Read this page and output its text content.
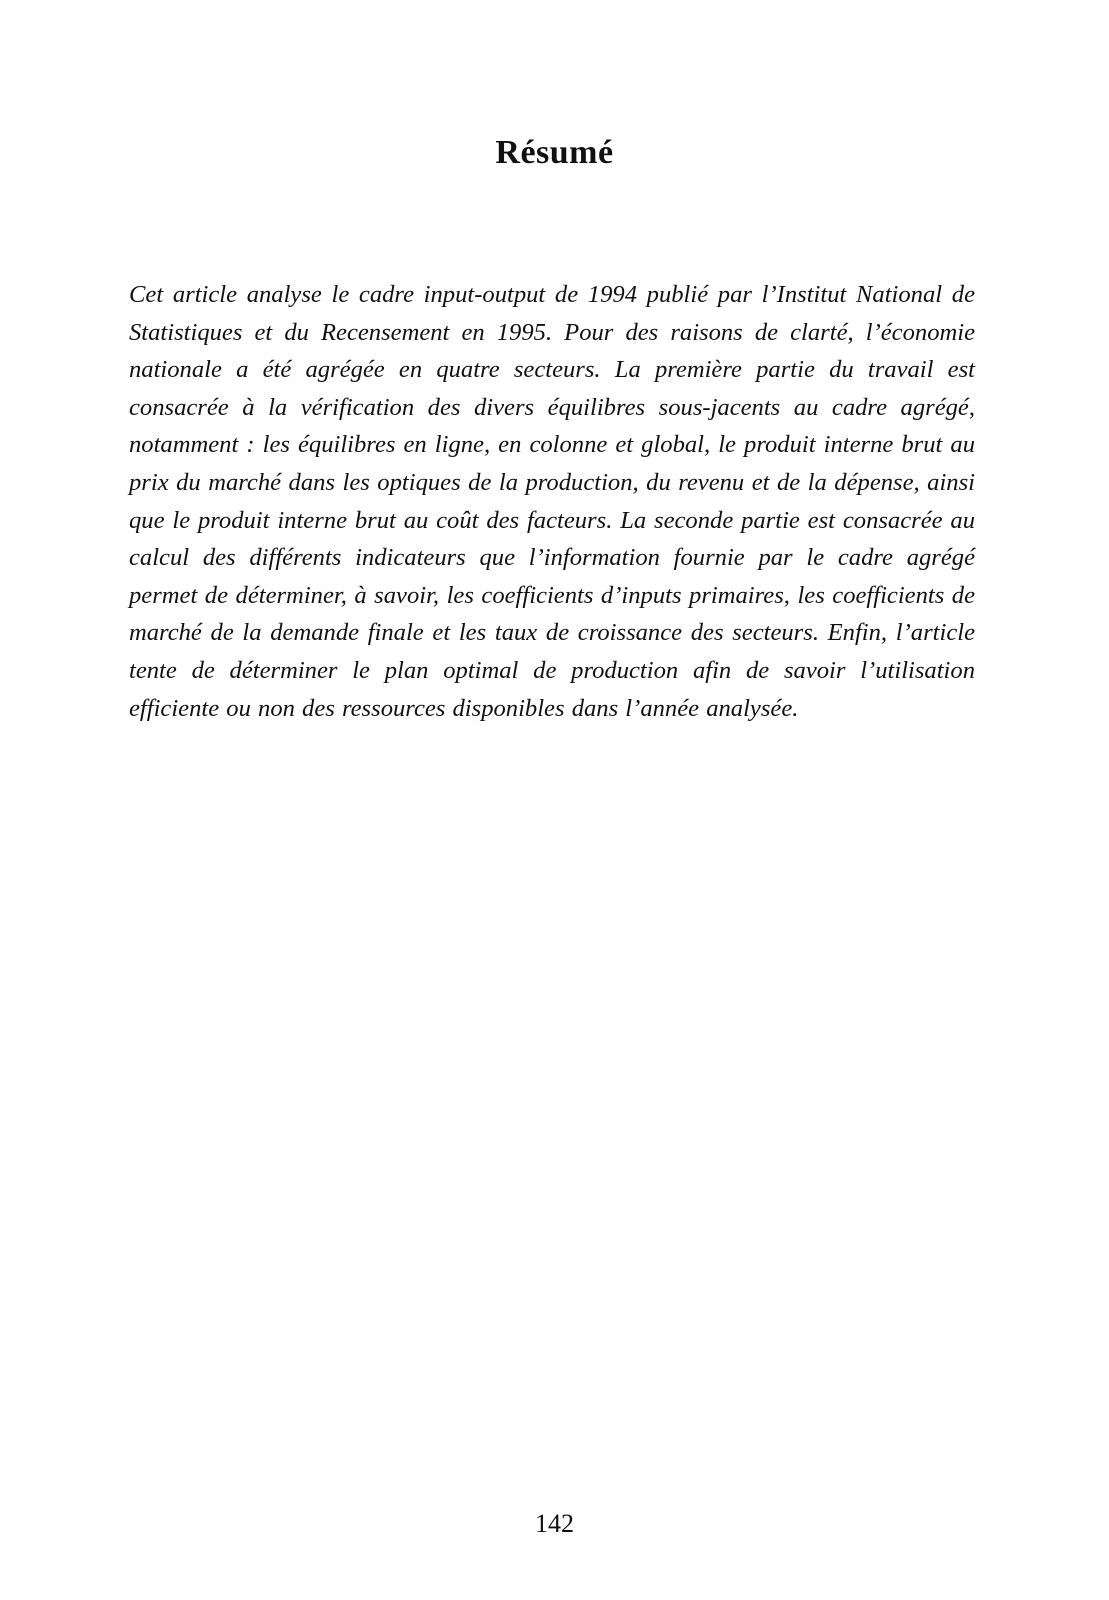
Résumé

Cet article analyse le cadre input-output de 1994 publié par l’Institut National de Statistiques et du Recensement en 1995. Pour des raisons de clarté, l’économie nationale a été agrégée en quatre secteurs. La première partie du travail est consacrée à la vérification des divers équilibres sous-jacents au cadre agrégé, notamment : les équilibres en ligne, en colonne et global, le produit interne brut au prix du marché dans les optiques de la production, du revenu et de la dépense, ainsi que le produit interne brut au coût des facteurs. La seconde partie est consacrée au calcul des différents indicateurs que l’information fournie par le cadre agrégé permet de déterminer, à savoir, les coefficients d’inputs primaires, les coefficients de marché de la demande finale et les taux de croissance des secteurs. Enfin, l’article tente de déterminer le plan optimal de production afin de savoir l’utilisation efficiente ou non des ressources disponibles dans l’année analysée.

142
